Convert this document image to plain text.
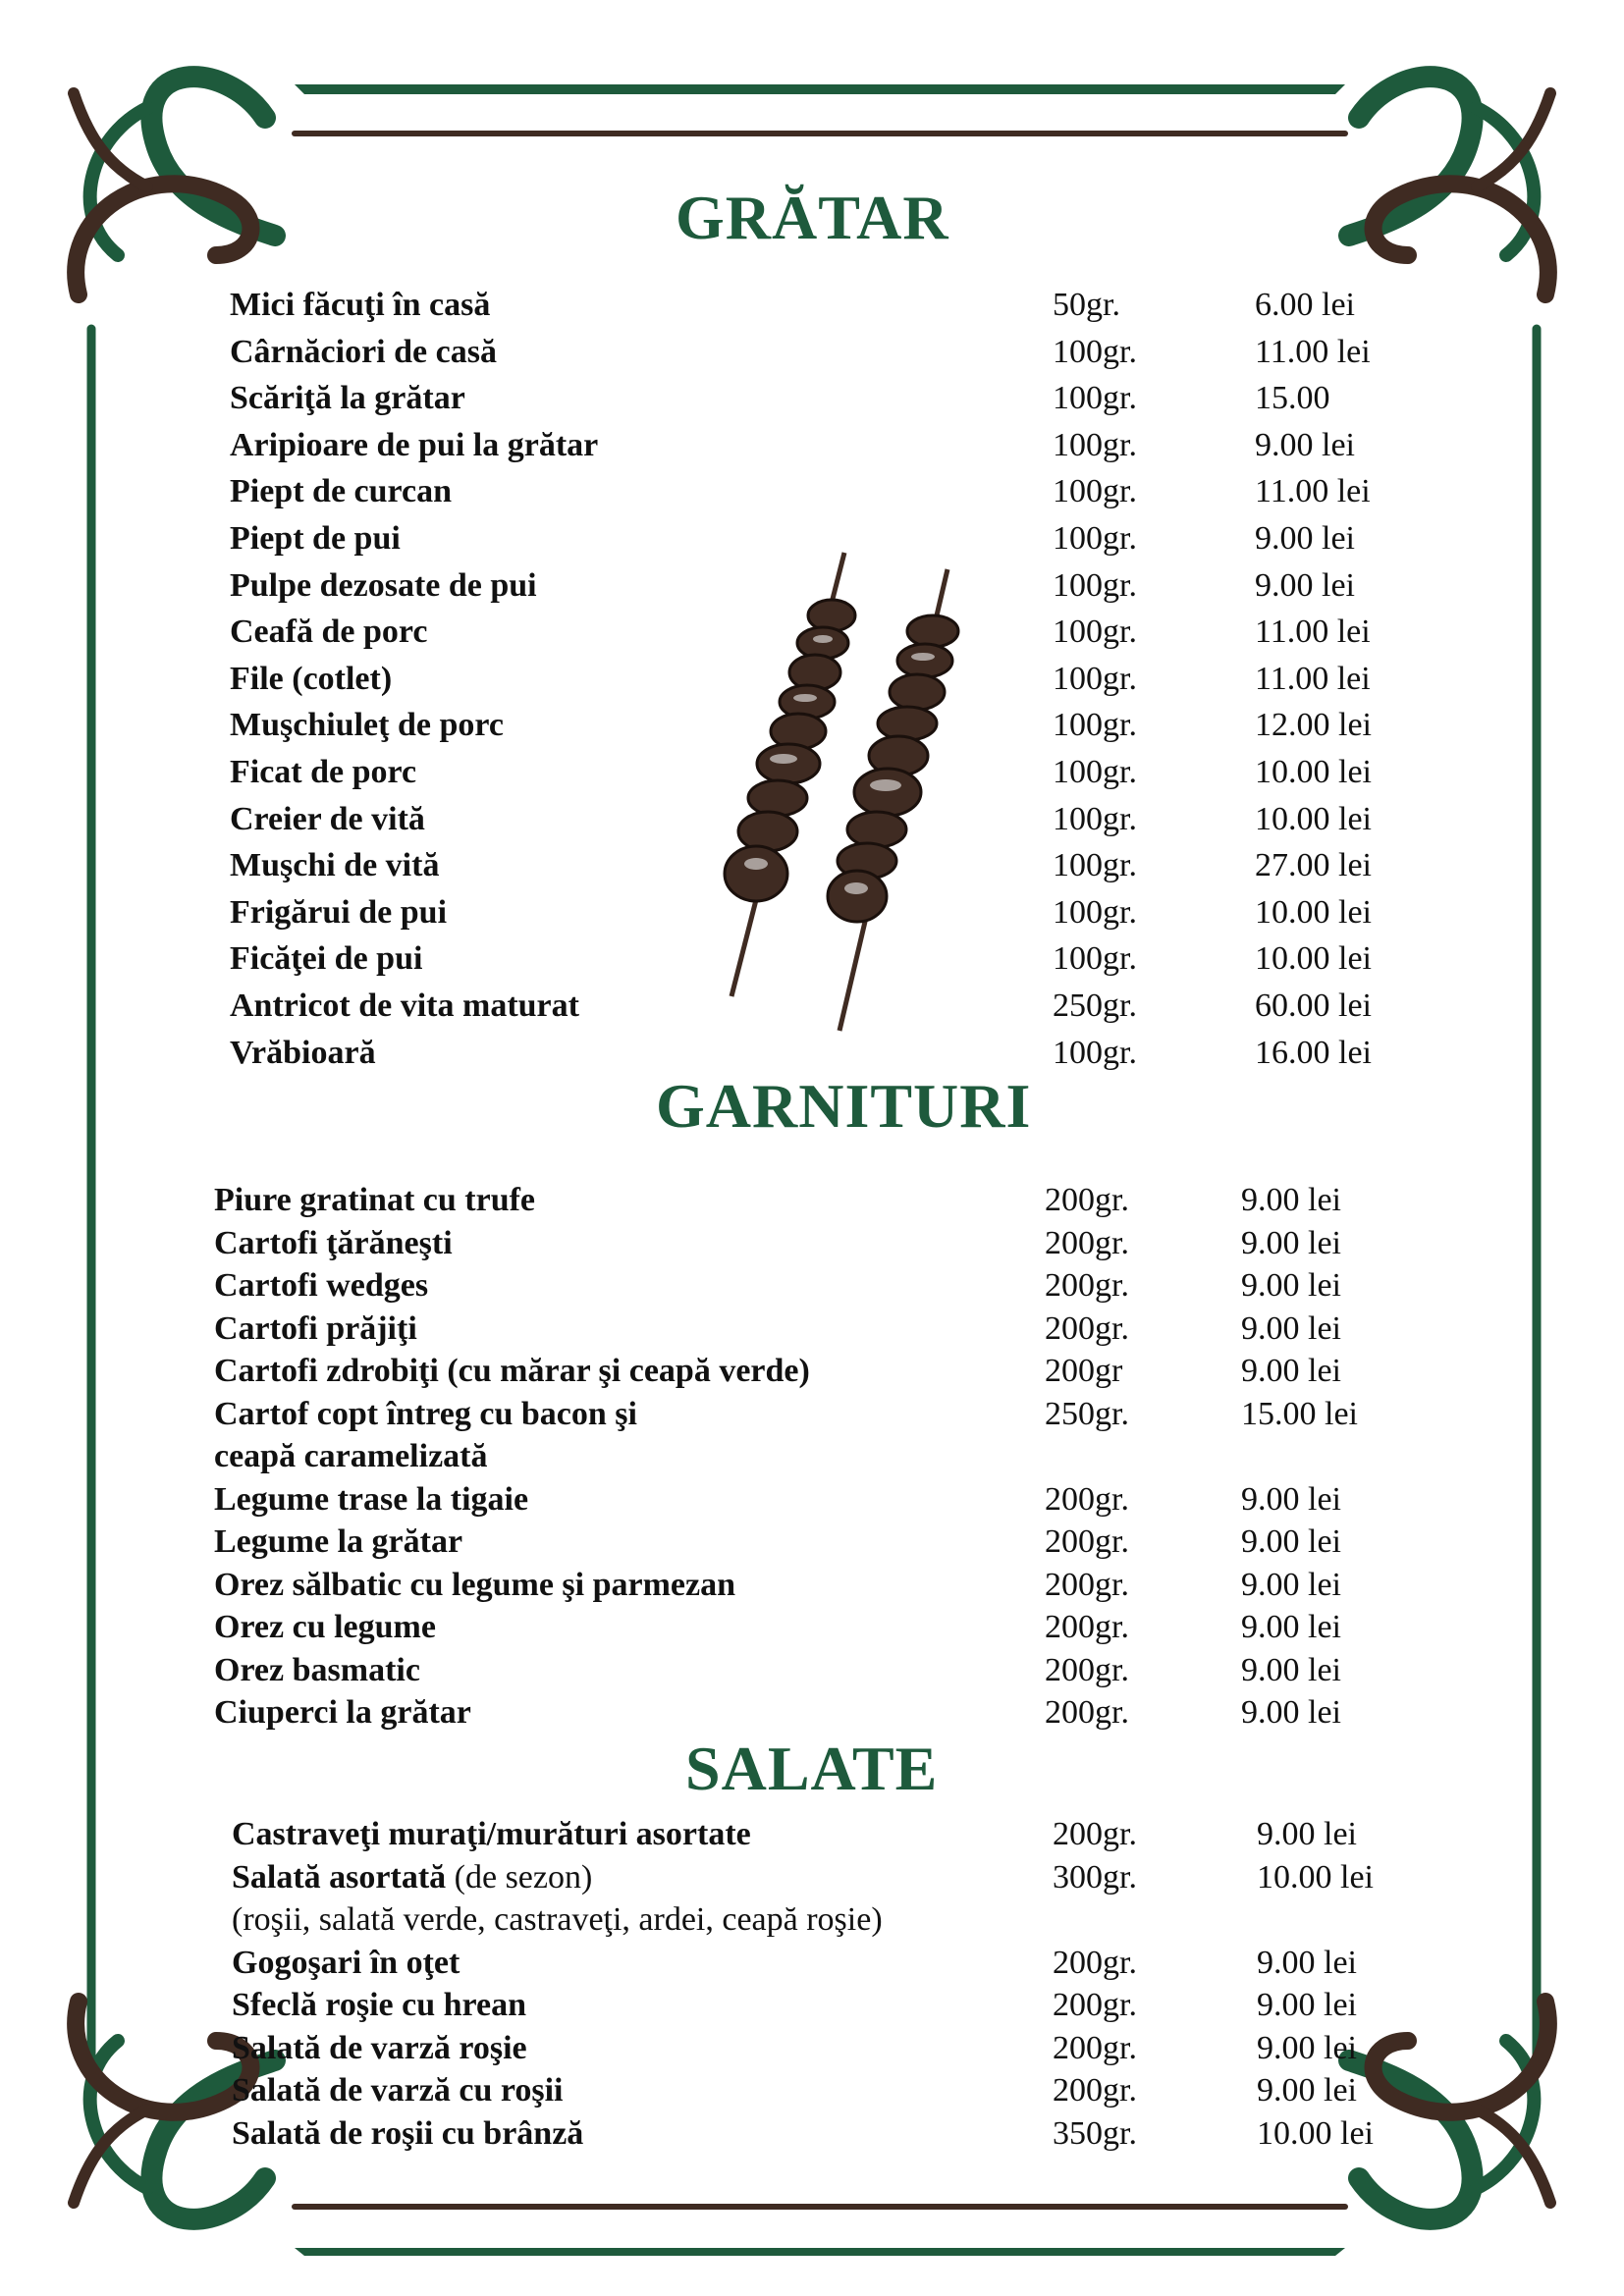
GRĂTAR
Mici făcuţi în casă	50gr.	6.00 lei
Cârnăciori de casă	100gr.	11.00 lei
Scăriţă la grătar	100gr.	15.00
Aripioare de pui la grătar	100gr.	9.00 lei
Piept de curcan	100gr.	11.00 lei
Piept de pui	100gr.	9.00 lei
Pulpe dezosate de pui	100gr.	9.00 lei
Ceafă de porc	100gr.	11.00 lei
File (cotlet)	100gr.	11.00 lei
Muşchiuleţ de porc	100gr.	12.00 lei
Ficat de porc	100gr.	10.00 lei
Creier de vită	100gr.	10.00 lei
Muşchi de vită	100gr.	27.00 lei
Frigărui de pui	100gr.	10.00 lei
Ficăţei de pui	100gr.	10.00 lei
Antricot de vita maturat	250gr.	60.00 lei
Vrăbioară	100gr.	16.00 lei
GARNITURI
Piure gratinat cu trufe	200gr.	9.00 lei
Cartofi ţărăneşti	200gr.	9.00 lei
Cartofi wedges	200gr.	9.00 lei
Cartofi prăjiţi	200gr.	9.00 lei
Cartofi zdrobiţi (cu mărar şi ceapă verde)	200gr	9.00 lei
Cartof copt întreg cu bacon şi	250gr.	15.00 lei
ceapă caramelizată
Legume trase la tigaie	200gr.	9.00 lei
Legume la grătar	200gr.	9.00 lei
Orez sălbatic cu legume şi parmezan	200gr.	9.00 lei
Orez cu legume	200gr.	9.00 lei
Orez basmatic	200gr.	9.00 lei
Ciuperci la grătar	200gr.	9.00 lei
SALATE
Castraveţi muraţi/murături asortate	200gr.	9.00 lei
Salată asortată (de sezon)	300gr.	10.00 lei
(roşii, salată verde, castraveţi, ardei, ceapă roşie)
Gogoşari în oţet	200gr.	9.00 lei
Sfeclă roşie cu hrean	200gr.	9.00 lei
Salată de varză roşie	200gr.	9.00 lei
Salată de varză cu roşii	200gr.	9.00 lei
Salată de roşii cu brânză	350gr.	10.00 lei
